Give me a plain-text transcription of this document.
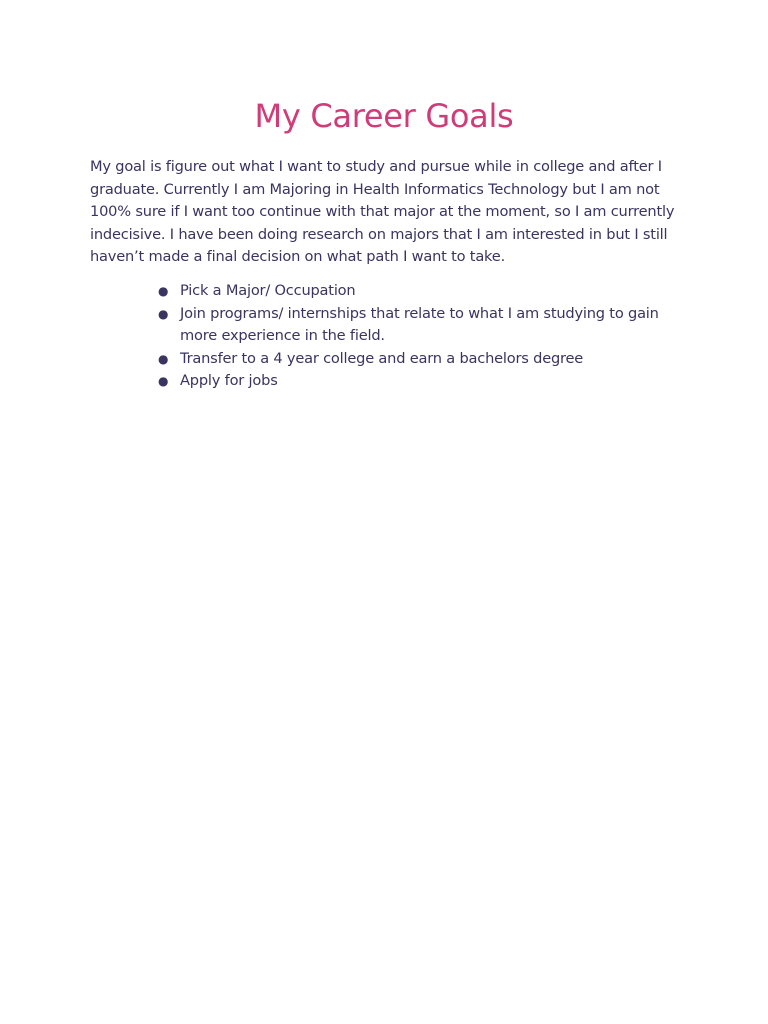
My Career Goals

My goal is figure out what I want to study and pursue while in college and after I graduate. Currently I am Majoring in Health Informatics Technology but I am not 100% sure if I want too continue with that major at the moment, so I am currently indecisive. I have been doing research on majors that I am interested in but I still haven’t made a final decision on what path I want to take.

● Pick a Major/ Occupation
● Join programs/ internships that relate to what I am studying to gain more experience in the field.
● Transfer to a 4 year college and earn a bachelors degree
● Apply for jobs
